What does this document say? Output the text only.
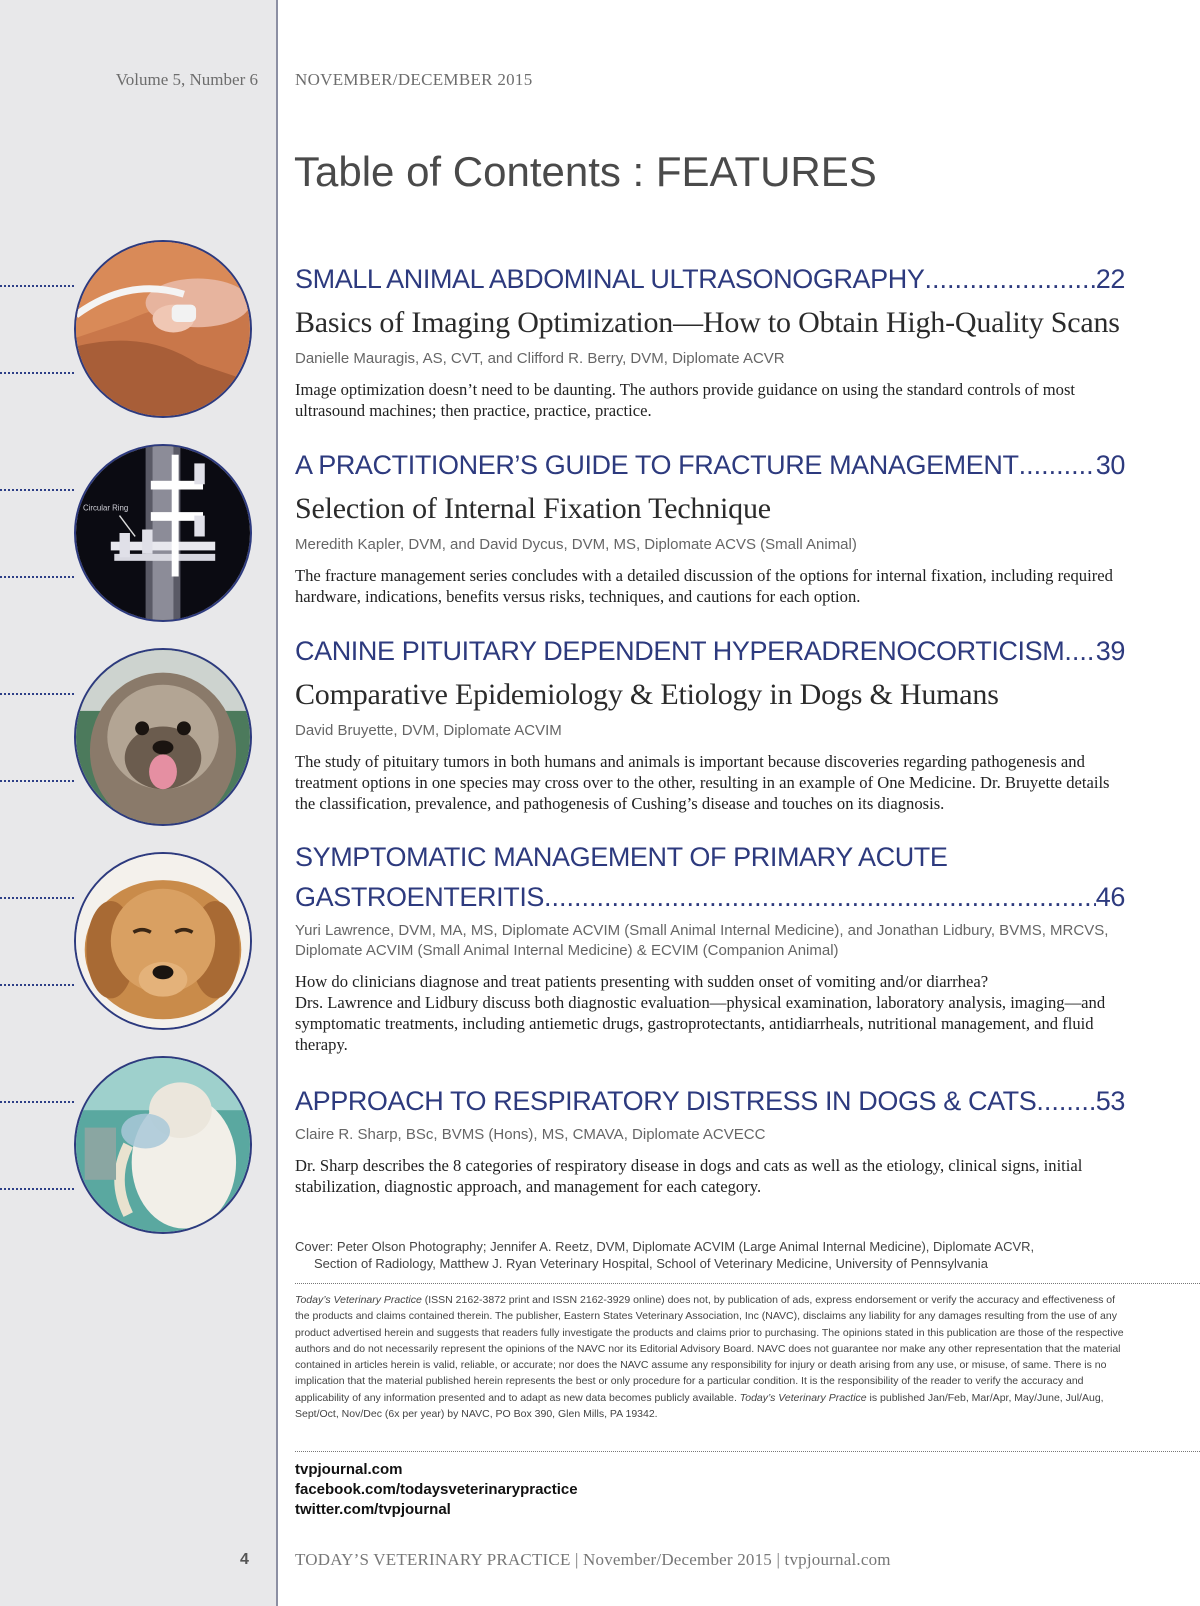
Volume 5, Number 6 NOVEMBER/DECEMBER 2015
Table of Contents : FEATURES
Circular Ring
SMALL ANIMAL ABDOMINAL ULTRASONOGRAPHY .....	22
Basics of Imaging Optimization—How to Obtain High-Quality Scans
Danielle Mauragis, AS, CVT, and Clifford R. Berry, DVM, Diplomate ACVR
Image optimization doesn’t need to be daunting. The authors provide guidance on using the standard controls of most ultrasound machines; then practice, practice, practice.
A PRACTITIONER’S GUIDE TO FRACTURE MANAGEMENT .....	30
Selection of Internal Fixation Technique
Meredith Kapler, DVM, and David Dycus, DVM, MS, Diplomate ACVS (Small Animal)
The fracture management series concludes with a detailed discussion of the options for internal fixation, including required hardware, indications, benefits versus risks, techniques, and cautions for each option.
CANINE PITUITARY DEPENDENT HYPERADRENOCORTICISM ..... 39
Comparative Epidemiology & Etiology in Dogs & Humans
David Bruyette, DVM, Diplomate ACVIM
The study of pituitary tumors in both humans and animals is important because discoveries regarding pathogenesis and treatment options in one species may cross over to the other, resulting in an example of One Medicine. Dr. Bruyette details the classification, prevalence, and pathogenesis of Cushing’s disease and touches on its diagnosis.
SYMPTOMATIC MANAGEMENT OF PRIMARY ACUTE
GASTROENTERITIS .....	46
Yuri Lawrence, DVM, MA, MS, Diplomate ACVIM (Small Animal Internal Medicine), and Jonathan Lidbury, BVMS, MRCVS, Diplomate ACVIM (Small Animal Internal Medicine) & ECVIM (Companion Animal)
How do clinicians diagnose and treat patients presenting with sudden onset of vomiting and/or diarrhea?
Drs. Lawrence and Lidbury discuss both diagnostic evaluation—physical examination, laboratory analysis, imaging—and symptomatic treatments, including antiemetic drugs, gastroprotectants, antidiarrheals, nutritional management, and fluid therapy.
APPROACH TO RESPIRATORY DISTRESS IN DOGS & CATS ..... 53
Claire R. Sharp, BSc, BVMS (Hons), MS, CMAVA, Diplomate ACVECC
Dr. Sharp describes the 8 categories of respiratory disease in dogs and cats as well as the etiology, clinical signs, initial stabilization, diagnostic approach, and management for each category.
Cover: Peter Olson Photography; Jennifer A. Reetz, DVM, Diplomate ACVIM (Large Animal Internal Medicine), Diplomate ACVR,
Section of Radiology, Matthew J. Ryan Veterinary Hospital, School of Veterinary Medicine, University of Pennsylvania
Today’s Veterinary Practice (ISSN 2162-3872 print and ISSN 2162-3929 online) does not, by publication of ads, express endorsement or verify the accuracy and effectiveness of the products and claims contained therein. The publisher, Eastern States Veterinary Association, Inc (NAVC), disclaims any liability for any damages resulting from the use of any product advertised herein and suggests that readers fully investigate the products and claims prior to purchasing. The opinions stated in this publication are those of the respective authors and do not necessarily represent the opinions of the NAVC nor its Editorial Advisory Board. NAVC does not guarantee nor make any other representation that the material contained in articles herein is valid, reliable, or accurate; nor does the NAVC assume any responsibility for injury or death arising from any use, or misuse, of same. There is no implication that the material published herein represents the best or only procedure for a particular condition. It is the responsibility of the reader to verify the accuracy and applicability of any information presented and to adapt as new data becomes publicly available. Today’s Veterinary Practice is published Jan/Feb, Mar/Apr, May/June, Jul/Aug, Sept/Oct, Nov/Dec (6x per year) by NAVC, PO Box 390, Glen Mills, PA 19342.
tvpjournal.com
facebook.com/todaysveterinarypractice
twitter.com/tvpjournal
4	TODAY’S VETERINARY PRACTICE | November/December 2015 | tvpjournal.com
